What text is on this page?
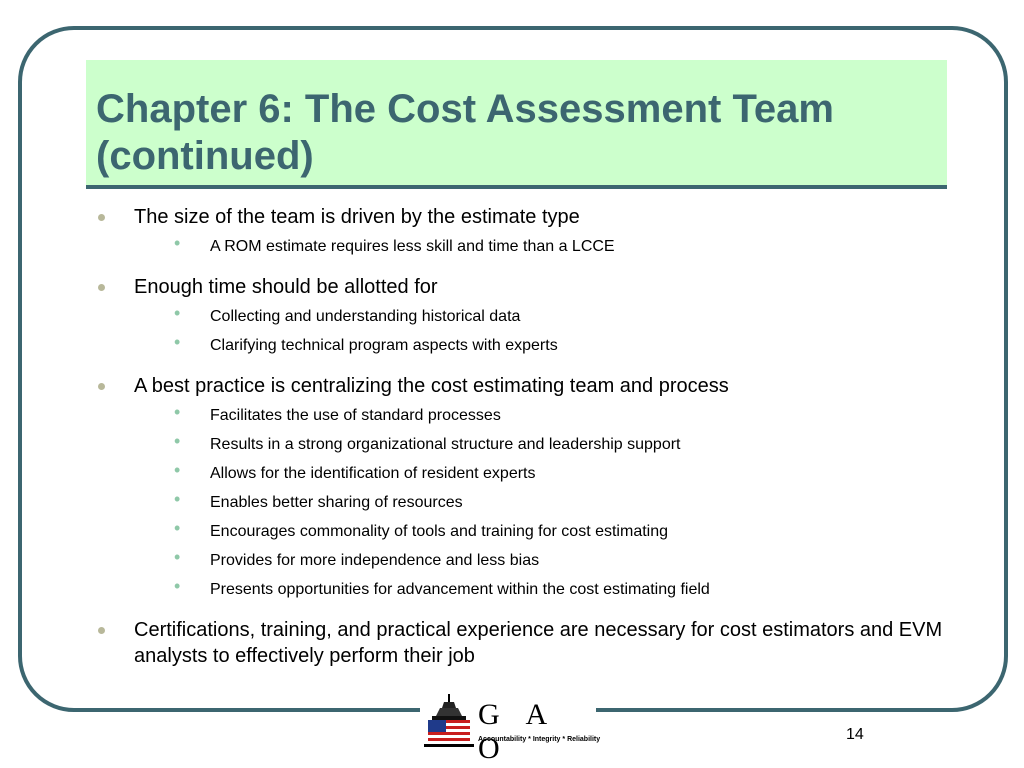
Chapter 6: The Cost Assessment Team (continued)
The size of the team is driven by the estimate type
• A ROM estimate requires less skill and time than a LCCE
Enough time should be allotted for
• Collecting and understanding historical data
• Clarifying technical program aspects with experts
A best practice is centralizing the cost estimating team and process
• Facilitates the use of standard processes
• Results in a strong organizational structure and leadership support
• Allows for the identification of resident experts
• Enables better sharing of resources
• Encourages commonality of tools and training for cost estimating
• Provides for more independence and less bias
• Presents opportunities for advancement within the cost estimating field
Certifications, training, and practical experience are necessary for cost estimators and EVM analysts to effectively perform their job
G A O
Accountability * Integrity * Reliability	14
